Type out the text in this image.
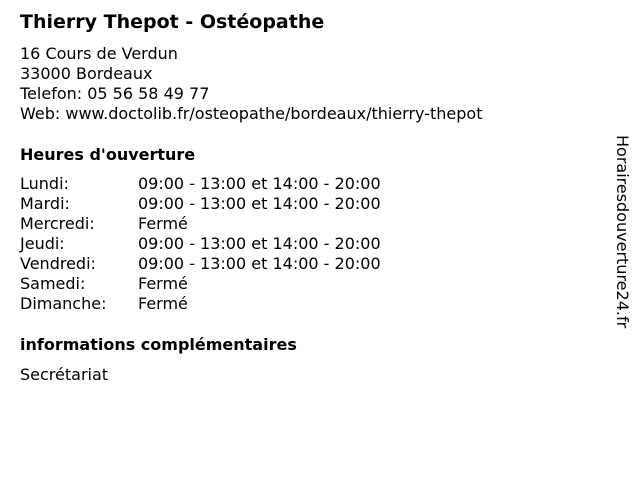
Thierry Thepot - Ostéopathe
16 Cours de Verdun
33000 Bordeaux
Telefon: 05 56 58 49 77
Web: www.doctolib.fr/osteopathe/bordeaux/thierry-thepot
Heures d'ouverture
Lundi:	09:00 - 13:00 et 14:00 - 20:00
Mardi:	09:00 - 13:00 et 14:00 - 20:00
Mercredi:	Fermé
Jeudi:	09:00 - 13:00 et 14:00 - 20:00
Vendredi:	09:00 - 13:00 et 14:00 - 20:00
Samedi:	Fermé
Dimanche:	Fermé
informations complémentaires
Secrétariat
Horairesdouverture24.fr
